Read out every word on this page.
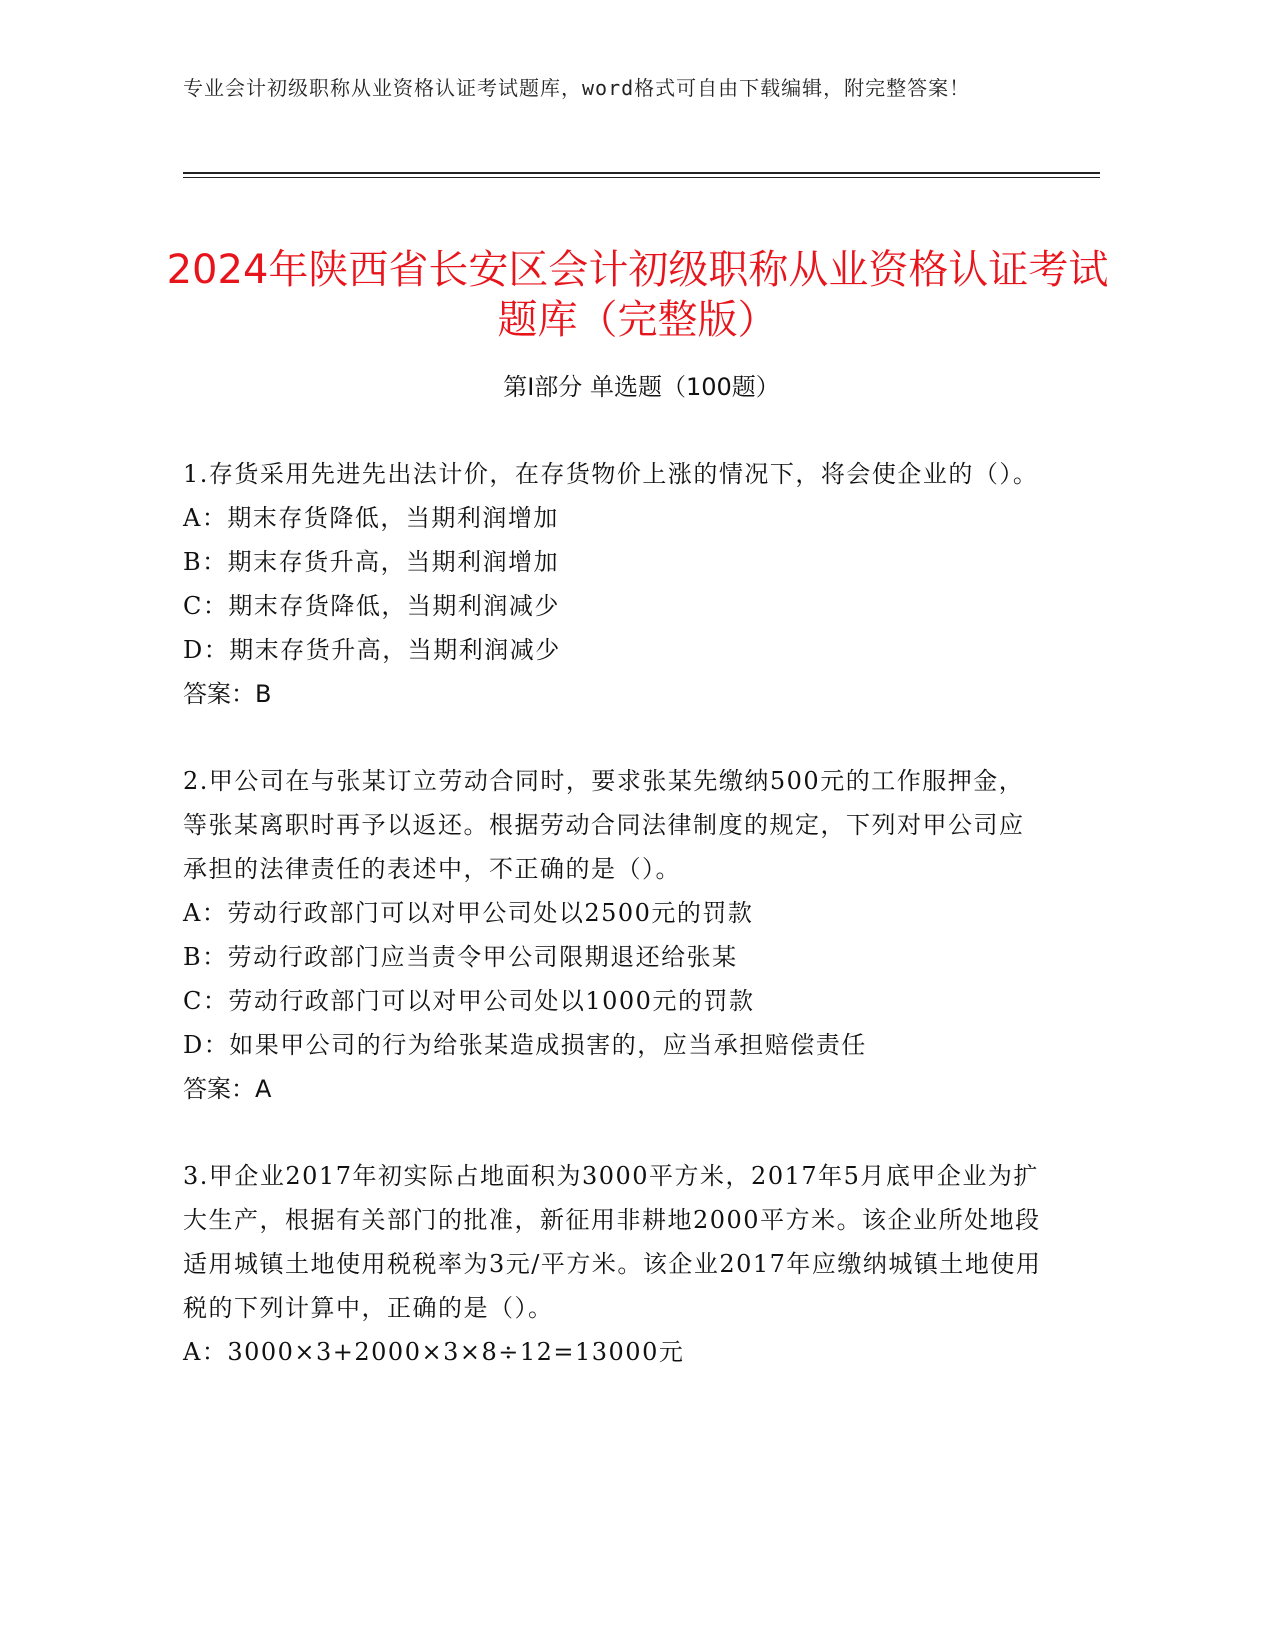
专业会计初级职称从业资格认证考试题库，word格式可自由下载编辑，附完整答案！
2024年陕西省长安区会计初级职称从业资格认证考试题库（完整版）
第I部分 单选题（100题）

1.存货采用先进先出法计价，在存货物价上涨的情况下，将会使企业的（）。

A：期末存货降低，当期利润增加

B：期末存货升高，当期利润增加

C：期末存货降低，当期利润减少

D：期末存货升高，当期利润减少

答案：B

2.甲公司在与张某订立劳动合同时，要求张某先缴纳500元的工作服押金，等张某离职时再予以返还。根据劳动合同法律制度的规定，下列对甲公司应承担的法律责任的表述中，不正确的是（）。

A：劳动行政部门可以对甲公司处以2500元的罚款

B：劳动行政部门应当责令甲公司限期退还给张某

C：劳动行政部门可以对甲公司处以1000元的罚款

D：如果甲公司的行为给张某造成损害的，应当承担赔偿责任

答案：A

3.甲企业2017年初实际占地面积为3000平方米，2017年5月底甲企业为扩大生产，根据有关部门的批准，新征用非耕地2000平方米。该企业所处地段适用城镇土地使用税税率为3元/平方米。该企业2017年应缴纳城镇土地使用税的下列计算中，正确的是（）。

A：3000×3+2000×3×8÷12=13000元
